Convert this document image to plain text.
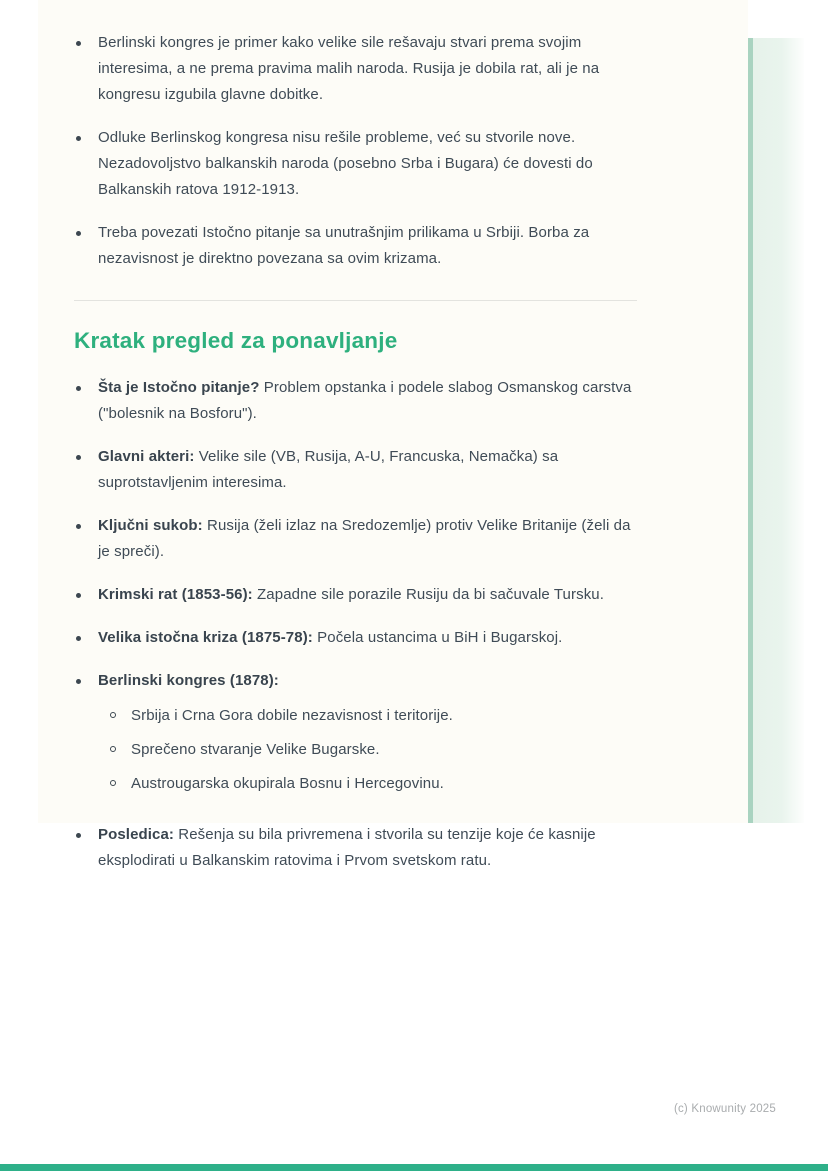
Berlinski kongres je primer kako velike sile rešavaju stvari prema svojim interesima, a ne prema pravima malih naroda. Rusija je dobila rat, ali je na kongresu izgubila glavne dobitke.
Odluke Berlinskog kongresa nisu rešile probleme, već su stvorile nove. Nezadovoljstvo balkanskih naroda (posebno Srba i Bugara) će dovesti do Balkanskih ratova 1912-1913.
Treba povezati Istočno pitanje sa unutrašnjim prilikama u Srbiji. Borba za nezavisnost je direktno povezana sa ovim krizama.
Kratak pregled za ponavljanje
Šta je Istočno pitanje? Problem opstanka i podele slabog Osmanskog carstva ("bolesnik na Bosforu").
Glavni akteri: Velike sile (VB, Rusija, A-U, Francuska, Nemačka) sa suprotstavljenim interesima.
Ključni sukob: Rusija (želi izlaz na Sredozemlje) protiv Velike Britanije (želi da je spreči).
Krimski rat (1853-56): Zapadne sile porazile Rusiju da bi sačuvale Tursku.
Velika istočna kriza (1875-78): Počela ustancima u BiH i Bugarskoj.
Berlinski kongres (1878):
Srbija i Crna Gora dobile nezavisnost i teritorije.
Sprečeno stvaranje Velike Bugarske.
Austrougarska okupirala Bosnu i Hercegovinu.
Posledica: Rešenja su bila privremena i stvorila su tenzije koje će kasnije eksplodirati u Balkanskim ratovima i Prvom svetskom ratu.
(c) Knowunity 2025
